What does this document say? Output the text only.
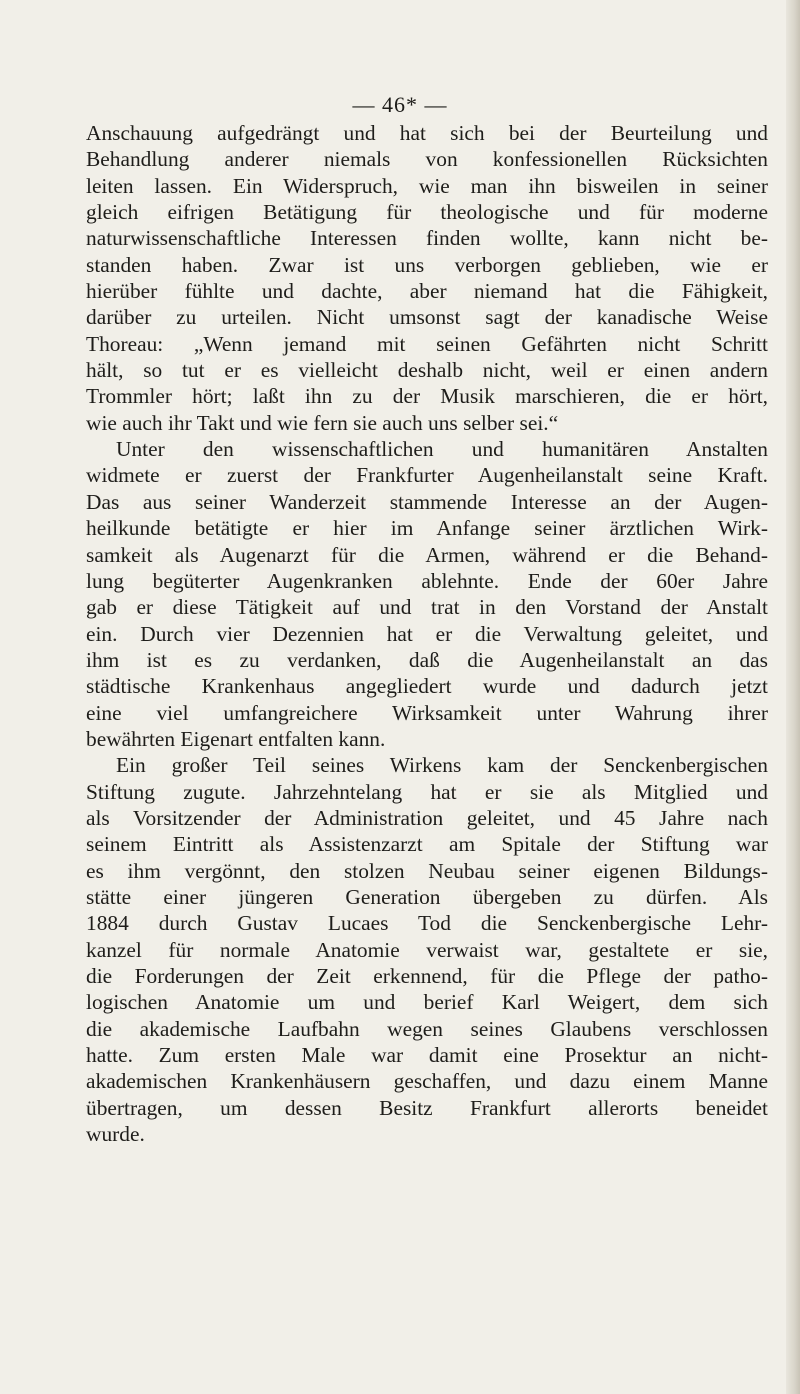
— 46* —
Anschauung aufgedrängt und hat sich bei der Beurteilung und
Behandlung anderer niemals von konfessionellen Rücksichten
leiten lassen. Ein Widerspruch, wie man ihn bisweilen in seiner
gleich eifrigen Betätigung für theologische und für moderne
naturwissenschaftliche Interessen finden wollte, kann nicht be-
standen haben. Zwar ist uns verborgen geblieben, wie er
hierüber fühlte und dachte, aber niemand hat die Fähigkeit,
darüber zu urteilen. Nicht umsonst sagt der kanadische Weise
Thoreau: „Wenn jemand mit seinen Gefährten nicht Schritt
hält, so tut er es vielleicht deshalb nicht, weil er einen andern
Trommler hört; laßt ihn zu der Musik marschieren, die er hört,
wie auch ihr Takt und wie fern sie auch uns selber sei.“
Unter den wissenschaftlichen und humanitären Anstalten
widmete er zuerst der Frankfurter Augenheilanstalt seine Kraft.
Das aus seiner Wanderzeit stammende Interesse an der Augen-
heilkunde betätigte er hier im Anfange seiner ärztlichen Wirk-
samkeit als Augenarzt für die Armen, während er die Behand-
lung begüterter Augenkranken ablehnte. Ende der 60er Jahre
gab er diese Tätigkeit auf und trat in den Vorstand der Anstalt
ein. Durch vier Dezennien hat er die Verwaltung geleitet, und
ihm ist es zu verdanken, daß die Augenheilanstalt an das
städtische Krankenhaus angegliedert wurde und dadurch jetzt
eine viel umfangreichere Wirksamkeit unter Wahrung ihrer
bewährten Eigenart entfalten kann.
Ein großer Teil seines Wirkens kam der Senckenbergischen
Stiftung zugute. Jahrzehntelang hat er sie als Mitglied und
als Vorsitzender der Administration geleitet, und 45 Jahre nach
seinem Eintritt als Assistenzarzt am Spitale der Stiftung war
es ihm vergönnt, den stolzen Neubau seiner eigenen Bildungs-
stätte einer jüngeren Generation übergeben zu dürfen. Als
1884 durch Gustav Lucaes Tod die Senckenbergische Lehr-
kanzel für normale Anatomie verwaist war, gestaltete er sie,
die Forderungen der Zeit erkennend, für die Pflege der patho-
logischen Anatomie um und berief Karl Weigert, dem sich
die akademische Laufbahn wegen seines Glaubens verschlossen
hatte. Zum ersten Male war damit eine Prosektur an nicht-
akademischen Krankenhäusern geschaffen, und dazu einem Manne
übertragen, um dessen Besitz Frankfurt allerorts beneidet
wurde.
